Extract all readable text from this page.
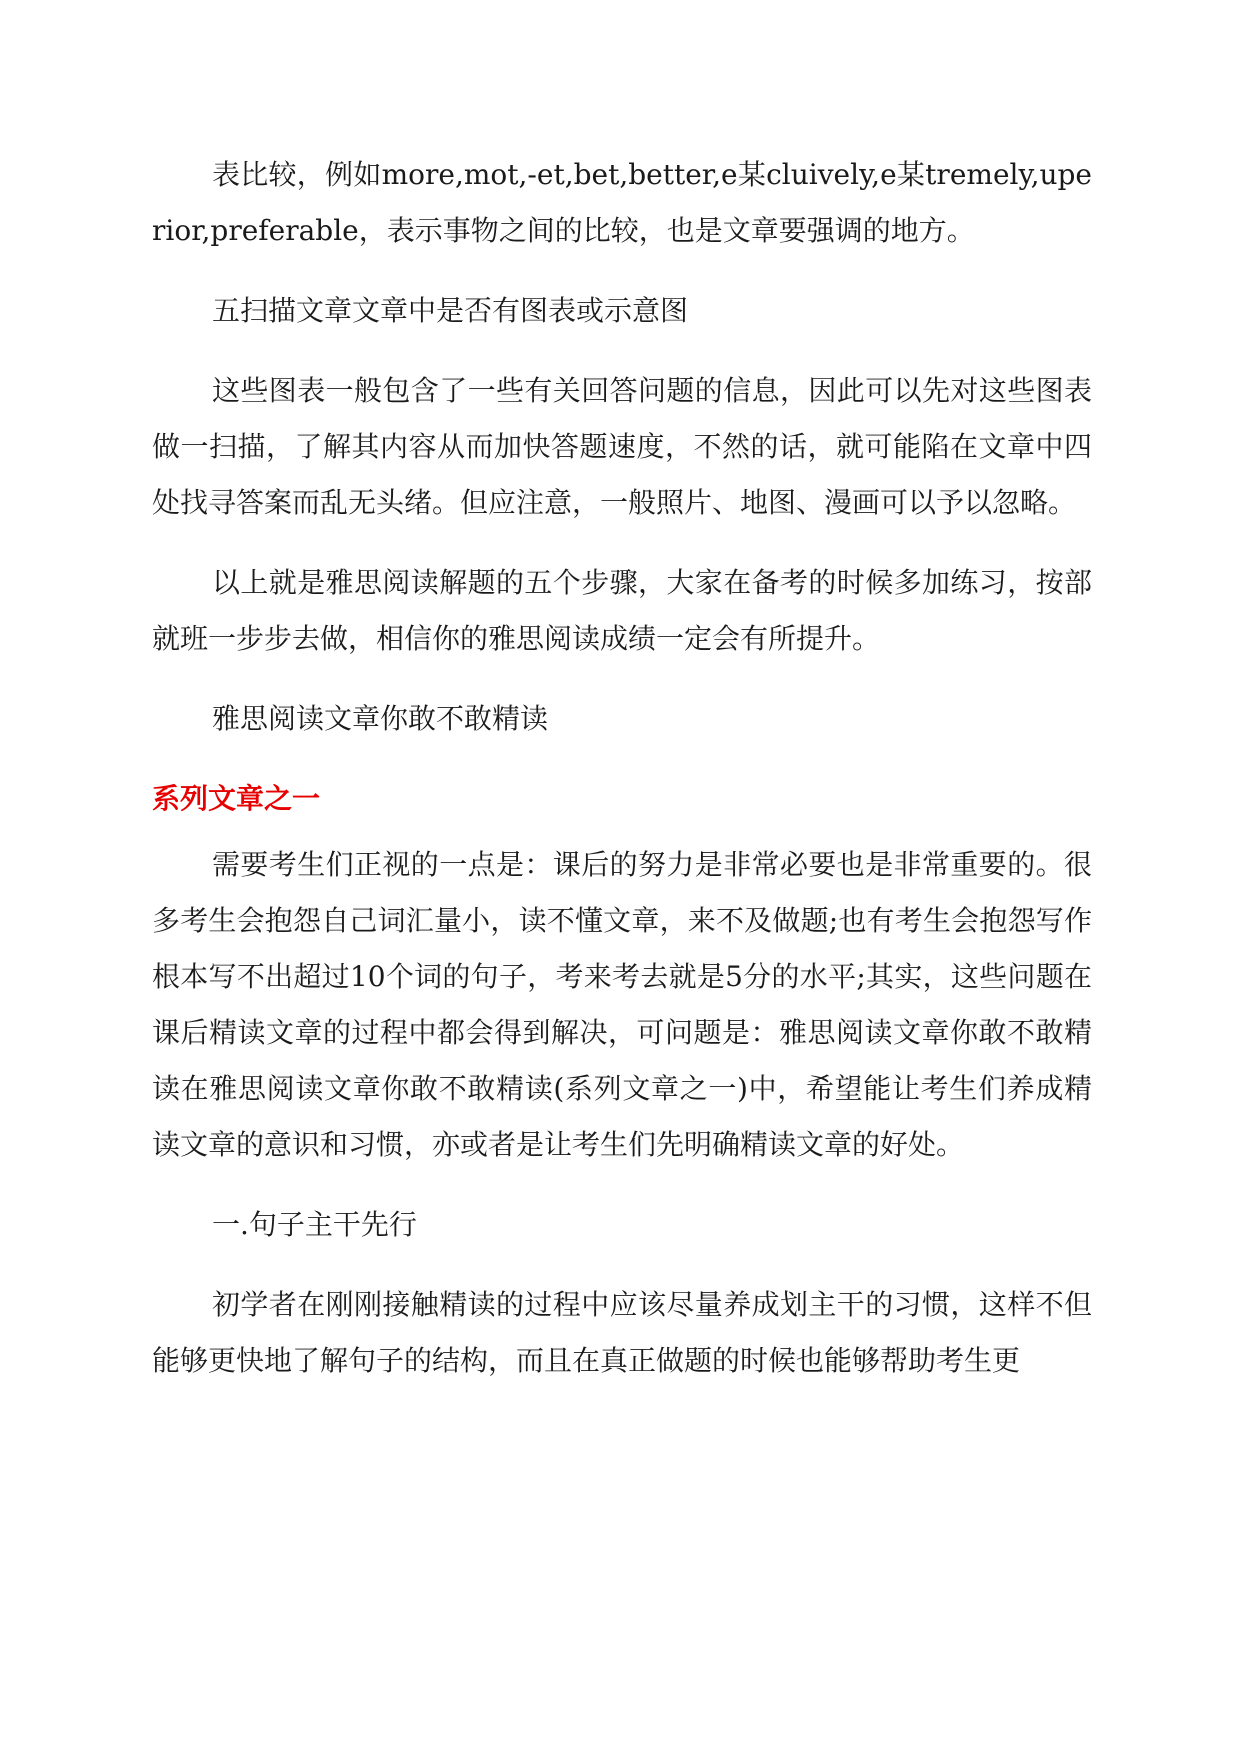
表比较，例如more,mot,-et,bet,better,e某cluively,e某tremely,uperior,preferable，表示事物之间的比较，也是文章要强调的地方。

五扫描文章文章中是否有图表或示意图

这些图表一般包含了一些有关回答问题的信息，因此可以先对这些图表做一扫描，了解其内容从而加快答题速度，不然的话，就可能陷在文章中四处找寻答案而乱无头绪。但应注意，一般照片、地图、漫画可以予以忽略。

以上就是雅思阅读解题的五个步骤，大家在备考的时候多加练习，按部就班一步步去做，相信你的雅思阅读成绩一定会有所提升。

雅思阅读文章你敢不敢精读

系列文章之一

需要考生们正视的一点是：课后的努力是非常必要也是非常重要的。很多考生会抱怨自己词汇量小，读不懂文章，来不及做题;也有考生会抱怨写作根本写不出超过10个词的句子，考来考去就是5分的水平;其实，这些问题在课后精读文章的过程中都会得到解决，可问题是：雅思阅读文章你敢不敢精读在雅思阅读文章你敢不敢精读(系列文章之一)中，希望能让考生们养成精读文章的意识和习惯，亦或者是让考生们先明确精读文章的好处。

一.句子主干先行

初学者在刚刚接触精读的过程中应该尽量养成划主干的习惯，这样不但能够更快地了解句子的结构，而且在真正做题的时候也能够帮助考生更
